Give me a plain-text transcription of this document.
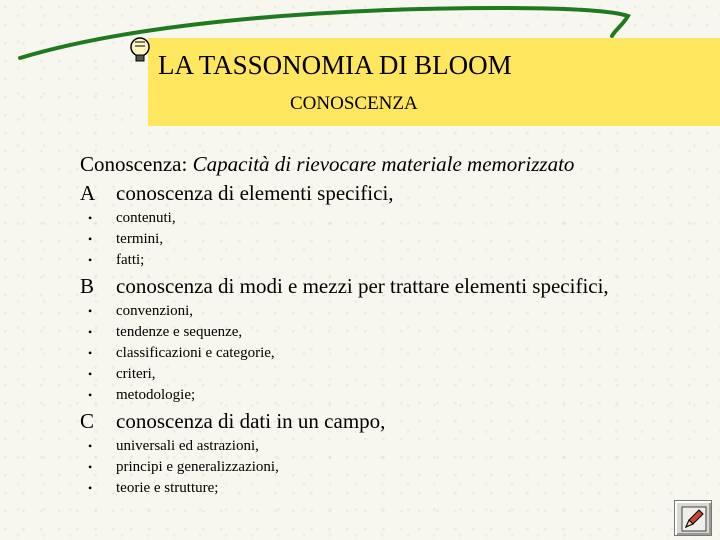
LA TASSONOMIA DI BLOOM
CONOSCENZA
Conoscenza: Capacità di rievocare materiale memorizzato
A conoscenza di elementi specifici,
• contenuti,
• termini,
• fatti;
B conoscenza di modi e mezzi per trattare elementi specifici,
• convenzioni,
• tendenze e sequenze,
• classificazioni e categorie,
• criteri,
• metodologie;
C conoscenza di dati in un campo,
• universali ed astrazioni,
• principi e generalizzazioni,
• teorie e strutture;
